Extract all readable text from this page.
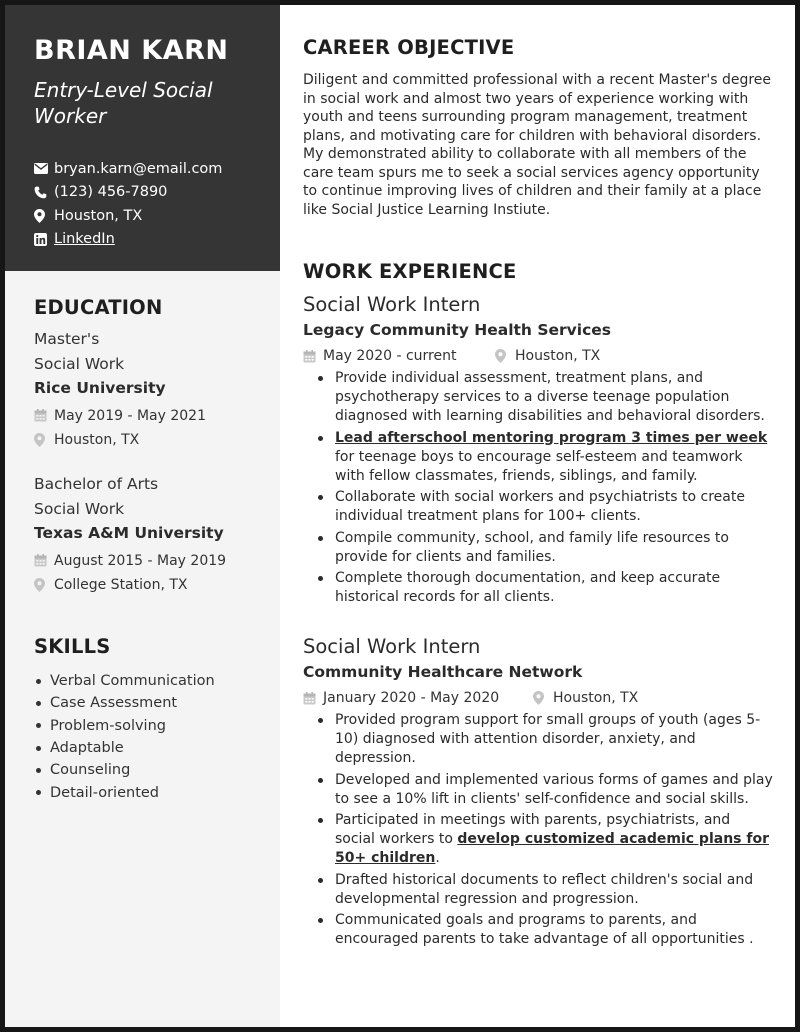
BRIAN KARN
Entry-Level Social Worker
bryan.karn@email.com
(123) 456-7890
Houston, TX
LinkedIn
EDUCATION
Master's
Social Work
Rice University
May 2019 - May 2021
Houston, TX
Bachelor of Arts
Social Work
Texas A&M University
August 2015 - May 2019
College Station, TX
SKILLS
Verbal Communication
Case Assessment
Problem-solving
Adaptable
Counseling
Detail-oriented
CAREER OBJECTIVE
Diligent and committed professional with a recent Master's degree in social work and almost two years of experience working with youth and teens surrounding program management, treatment plans, and motivating care for children with behavioral disorders. My demonstrated ability to collaborate with all members of the care team spurs me to seek a social services agency opportunity to continue improving lives of children and their family at a place like Social Justice Learning Instiute.
WORK EXPERIENCE
Social Work Intern
Legacy Community Health Services
May 2020 - current	Houston, TX
Provide individual assessment, treatment plans, and psychotherapy services to a diverse teenage population diagnosed with learning disabilities and behavioral disorders.
Lead afterschool mentoring program 3 times per week for teenage boys to encourage self-esteem and teamwork with fellow classmates, friends, siblings, and family.
Collaborate with social workers and psychiatrists to create individual treatment plans for 100+ clients.
Compile community, school, and family life resources to provide for clients and families.
Complete thorough documentation, and keep accurate historical records for all clients.
Social Work Intern
Community Healthcare Network
January 2020 - May 2020	Houston, TX
Provided program support for small groups of youth (ages 5-10) diagnosed with attention disorder, anxiety, and depression.
Developed and implemented various forms of games and play to see a 10% lift in clients' self-confidence and social skills.
Participated in meetings with parents, psychiatrists, and social workers to develop customized academic plans for 50+ children.
Drafted historical documents to reflect children's social and developmental regression and progression.
Communicated goals and programs to parents, and encouraged parents to take advantage of all opportunities .
